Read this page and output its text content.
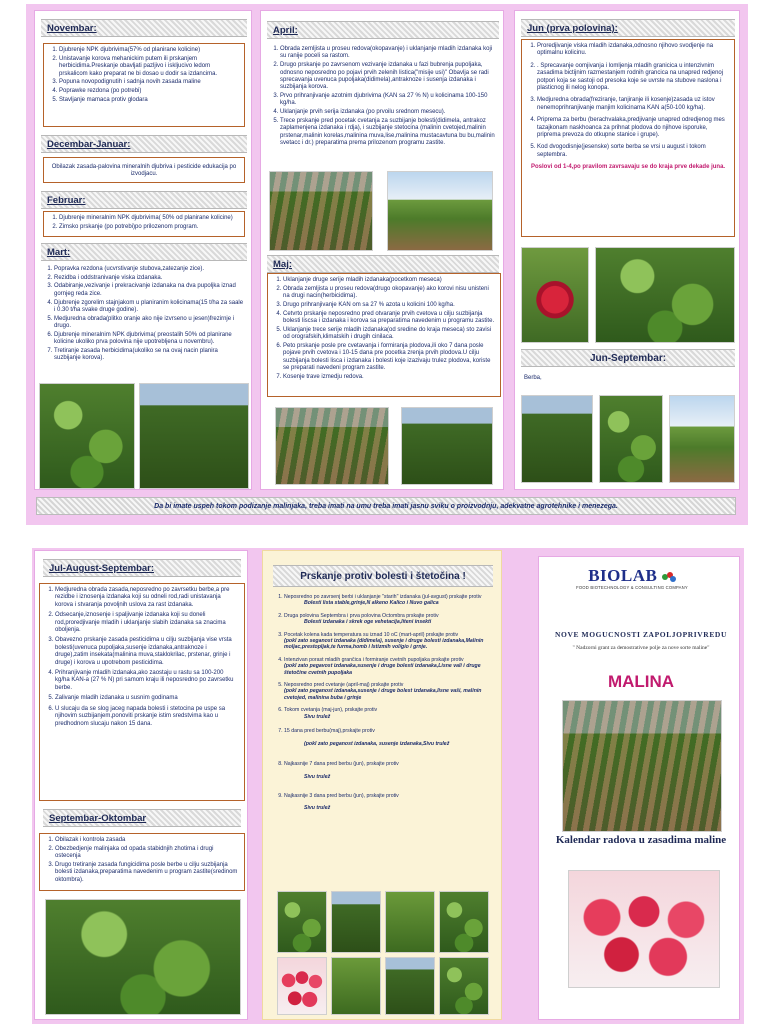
Novembar:
1. Djubrenje NPK djubrivima(57% od planirane kolicine)
2. Unistavanje korova mehanickim putem ili prskanjem herbicidima.Preskanje obavljati pazljivo i iskljucivo ledom prskalicom kako preparat ne bi dosao u dodir sa izdancima.
3. Popuna novopodignutih i sadnja novih zasada maline
4. Poprawke rezdona (po potrebi)
5. Stavljanje mamaca protiv glodara
Decembar-Januar:

Obilazak zasada-palovina mineralnih djubriva i pesticide edukacija po izvodjacu.

Februar:
1. Djubrenje mineralnim NPK djubrivima( 50% od planirane kolicine)
2. Zimsko prskanje (po potrebi)po prilozenom program.
Mart:
1. Popravka rezdona (ucvrstivanje stubova,zatezanje zice).
2. Rezidba i oddstranivanje viska izdanaka.
3. Odabiranje,vezivanje i prekracivanje izdanaka na dva pupoljka iznad gornjeg reda zice.
4. Djubrenje zgorelim stajnjakom u planiranim kolicinama(15 t/ha za saale i 0.30 t/ha svake druge godine).
5. Medjuredna obrada(plitko oranje ako nije izvrseno u jesen)frezirnje i drugo.
6. Djubrenje mineralnim NPK djubrivima( preostalih 50% od planirane kolicine ukoliko prva polovina nije upotrebljena u novembru).
7. Tretiranje zasada herbicidima(ukoliko se na ovaj nacin planira suzbijanje korova).
April:
1. Obrada zemljista u proseu redova(okopavanje) i uklanjanje mladih izdanaka koji su ranije poceli sa rastom.
2. Drugo prskanje po zavrsenom vezivanje izdanaka u fazi bubrenja pupoljaka, odnosno neposredno po pojavi prvih zelenih listica("misije usi)" Obavlja se radi sprecavanja uvenuca pupoljaka(didimela),antraknoze i susenja izdanaka i suzbijanja korova.
3. Prvo prihranjivanje azotnim djubrivima (KAN sa 27 % N) u kolicinama 100-150 kg/ha.
4. Uklanjanje prvih serija izdanaka (po prvoilu srednom mesecu).
5. Trece prskanje pred pocetak cvetanja za suzbijanje bolesti(didimela, antrakoz zaplamenjena izdanaka i rdja), i suzbijanje stetocina (malinin cvetojed,malinin prstenar,malinin korelas,malinina muva,lise,malinina mustacavtuna bu bu,malinin svetacc i dr.) preparatima prema prilozenom programu zastite.
Maj:
1. Uklanjanje druge serije mladih izdanaka(pocetkom meseca)
2. Obrada zemljista u proseu redova(drugo okopavanje) ako korovi nisu unisteni na drugi nacin(herbicidima).
3. Drugo prihranjivanje KAN om sa 27 % azota u kolicini 100 kg/ha.
4. Cetvrto prskanje neposredno pred otvaranje prvih cvetova u cilju suzbijanja bolesti liscsa i izdanaka i korova sa preparatima navedenim u programu zastite.
5. Uklanjanje trece serije mladih izdanaka(od sredine do kraja meseca) sto zavisi od orografskih,klimatskih i drugih cinilaca.
6. Peto prskanje posle pre cvetavanja i formiranja plodova,ili oko 7 dana posle pojave prvih cvetova i 10-15 dana pre pocetka zrenja prvih plodova.U cilju suzbijanja bolesti lisca i izdanaka i bolesti koje izazivaju trulez plodova, koriste se preparati navedeni program zastite.
7. Kosenje trave izmedju redova.
Jun (prva polovina):
1. Proredjivanje viska mladih izdanaka,odnosno njihovo svodjenje na optimalnu kolicinu.
2. . Sprecavanje oomjivanja i lomljenja mladih granicica u intenzivnim zasadima bictijnim razmestanjem rodnih grancica na unapred redjenoj potpori koja se sastoji od presoka koje se uvrste na stubove naslona i plasticnog ili nelog konopa.
3. Medjuredna obrada(freziranje, tanjiranje ili kosenje)zasada uz istov nenemoprihranjivanje manjim kolicinama KAN a(50-100 kg/ha).
4. Priprema za berbu (berachvalaka,predjivanje unapred odredjenog mes tazajkonam naskhoanca za prihnat plodova do njihove isporuke, priprema prevoza do otkupne stanice i grupe).
5. Kod dvogodisnje(jesenske) sorte berba se vrsi u august i tokom septembra.

Poslovi od 1-4,po pravilom zavrsavaju se do kraja prve dekade juna.

Jun-Septembar:

Berba,

Da bi imate uspeh tokom podizanje malinjaka, treba imati na umu treba imati jasnu sviku o proizvodnju, adekvatne agrotehnike i menezega.
Jul-August-Septembar:
1. Medjuredna obrada zasada,neposredno po zavrsetku berbe,a pre rezidbe i iznosenja izdanaka koji su odneli rod,radi unistavanja korova i stvaranja povoljnih uslova za rast izdanaka.
2. Odsecanje,iznosenje i spaljivanje izdanaka koji su doneli rod,proredjivanje mladih i uklanjanje slabih izdanaka sa znacima oboljenja.
3. Obavezno prskanje zasada pesticidima u cilju suzbijanja vise vrsta bolesti(uvenuca pupoljaka,susenje izdanaka,antraknoze i druge),zatim insekata(malinina muva,staklokrilac, prstenar, grinje i druge) i korova u upotrebom pesticidima.
4. Prihranjivanje mladih izdanaka,ako zaostaju u rastu sa 100-200 kg/ha KAN-a (27 % N) pri samom kraju ili neposredno po zavrsetku berbe.
5. Zalivanje mladih izdanaka u susnim godinama
6. U slucaju da se slog jaceg napada bolesti i stetocina pe uspe sa njihovim suzbijanjem,ponoviti prskanje istim sredstvima kao u predhodnom slucaju nakon 15 dana.
Septembar-Oktombar
1. Obilazak i kontrola zasada
2. Obezbedjenje malinjaka od opada stabidnjih zhotima i drugi ostecenja
3. Drugo tretiranje zasada fungicidima posle berbe u cilju suzbijanja bolesti izdanaka,preparatima navedenim u program zastite(sredinom oktombra).
Prskanje protiv bolesti i štetočina !
1. Neposredno po zavrsenj berbi i uklanjanje "starih" izdanaka (jul-avgust) prskajte protiv
Bolesti lista stable,grinje,N alkeno Kalico i Nuvo galica
2. Druga polovina Septembra i prva polovina Octombra prskajte protiv
Bolesti izdanaka i skrek oge vehetacija,liteni insekti
3. Pocetak kolena kada temperatura su iznad 10 oC (mart-april) prskajte protiv
(pokl zato seganost izdanaka (didimela), susenje i druge bolesti izdanaka,Malinin moljac,prestopljak,te furma,homb i Istizmih vol/gio i grnje.
4. Intenzivan porast mladih grančica i formiranje cvetnih pupoljaka prskajte protiv
(pokl zato pegavost izdanaka,susenje i druge bolesti izdanaka,Lisne vali i druge štetočine cvetnih pupoljaka
5. Neposredno pred cvetanje (april-maj) prskajte protiv
(pokl zato peganost izdanaka,susenje i druge bolest izdanaka,lisne vaši, malinin cvetojed, malinina buba i grinje
6. Tokom cvetanja (maj-jun), prskajte protiv
Sivu trulež
7. 15 dana pred berbu(maj),prskajte protiv

(pokl zato peganost izdanaka, susenje izdanaka,Sivu trulež
8. Najkasnije 7 dana pred berbu (jun), prskajte protiv

Sivu trulež
9. Najkasnije 3 dana pred berbu (jun), prskajte protiv

Sivu trulež
BIOLAB
FOOD BIOTECHNOLOGY & CONSULTING COMPANY
NOVE MOGUCNOSTI ZAPOLJOPRIVREDU
" Nadzorni grant za demostrativne polje za nove sorte maline"
MALINA
Kalendar radova u zasadima maline
